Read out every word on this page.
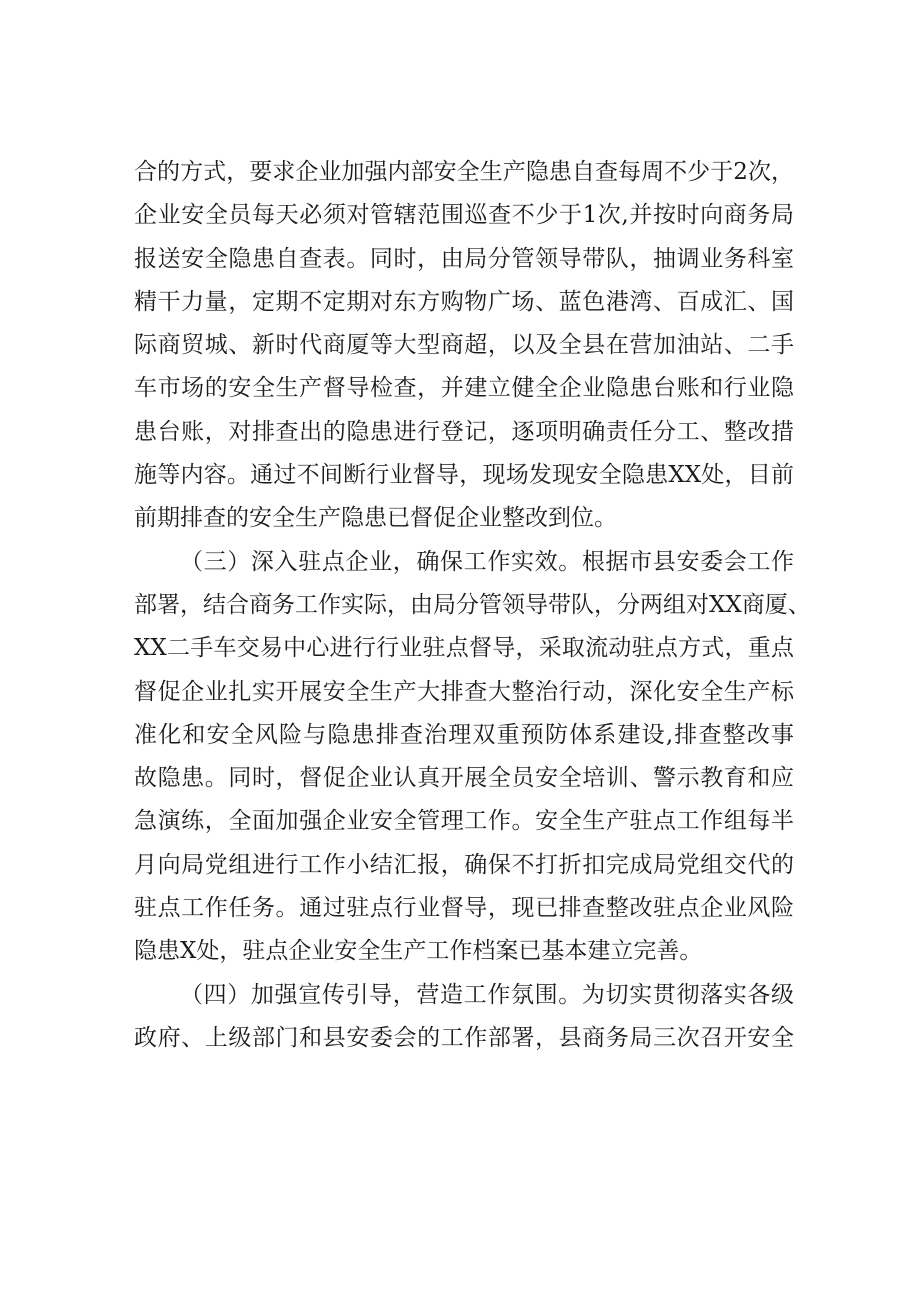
合的方式，要求企业加强内部安全生产隐患自查每周不少于2次，
企业安全员每天必须对管辖范围巡查不少于1次,并按时向商务局
报送安全隐患自查表。同时，由局分管领导带队，抽调业务科室
精干力量，定期不定期对东方购物广场、蓝色港湾、百成汇、国
际商贸城、新时代商厦等大型商超，以及全县在营加油站、二手
车市场的安全生产督导检查，并建立健全企业隐患台账和行业隐
患台账，对排查出的隐患进行登记，逐项明确责任分工、整改措
施等内容。通过不间断行业督导，现场发现安全隐患XX处，目前
前期排查的安全生产隐患已督促企业整改到位。
（三）深入驻点企业，确保工作实效。根据市县安委会工作
部署，结合商务工作实际，由局分管领导带队，分两组对XX商厦、
XX二手车交易中心进行行业驻点督导，采取流动驻点方式，重点
督促企业扎实开展安全生产大排查大整治行动，深化安全生产标
准化和安全风险与隐患排查治理双重预防体系建设,排查整改事
故隐患。同时，督促企业认真开展全员安全培训、警示教育和应
急演练，全面加强企业安全管理工作。安全生产驻点工作组每半
月向局党组进行工作小结汇报，确保不打折扣完成局党组交代的
驻点工作任务。通过驻点行业督导，现已排查整改驻点企业风险
隐患X处，驻点企业安全生产工作档案已基本建立完善。
（四）加强宣传引导，营造工作氛围。为切实贯彻落实各级
政府、上级部门和县安委会的工作部署，县商务局三次召开安全
